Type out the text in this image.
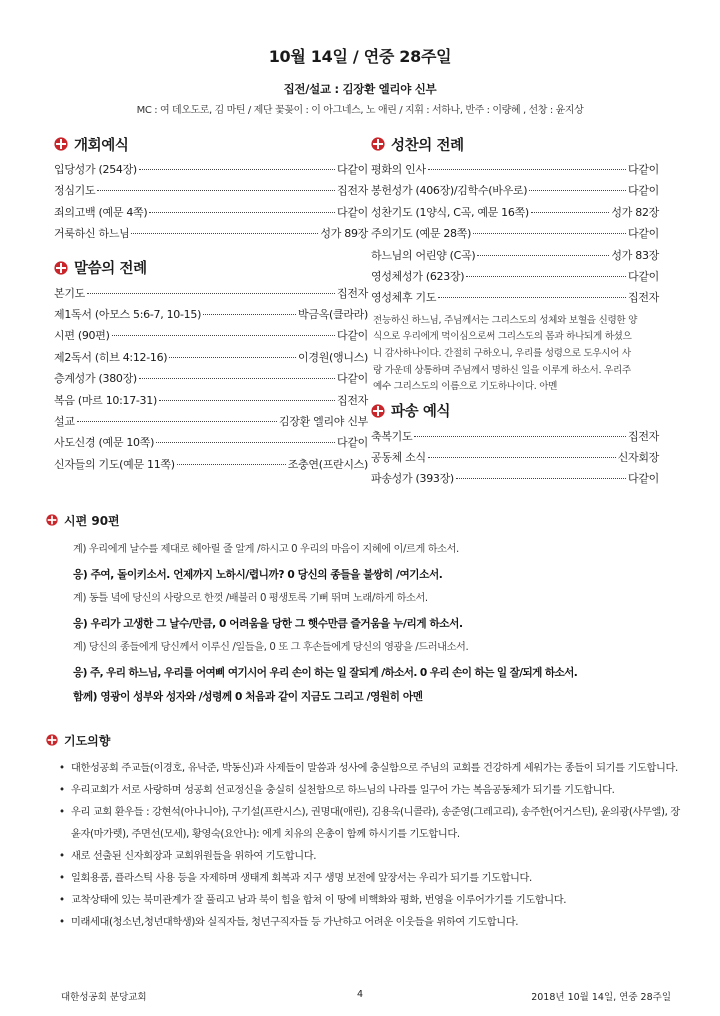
10월 14일 / 연중 28주일
집전/설교 : 김장환 엘리야 신부
MC : 여 데오도로, 김 마틴 / 제단 꽃꽂이 : 이 아그네스, 노 애린 / 지휘 : 서하나, 반주 : 이량혜 , 선창 : 윤지상
개회예식
입당성가 (254장)	다같이
정심기도	집전자
죄의고백 (예문 4쪽)	다같이
거룩하신 하느님	성가 89장
말씀의 전례
본기도	집전자
제1독서 (아모스 5:6-7, 10-15)	박금옥(클라라)
시편 (90편)	다같이
제2독서 (히브 4:12-16)	이경원(앵니스)
층계성가 (380장)	다같이
복음 (마르 10:17-31)	집전자
설교	김장환 엘리야 신부
사도신경 (예문 10쪽)	다같이
신자들의 기도(예문 11쪽)	조충연(프란시스)
성찬의 전례
평화의 인사	다같이
봉헌성가 (406장)/김학수(바우로)	다같이
성찬기도 (1양식, C곡, 예문 16쪽)	성가 82장
주의기도 (예문 28쪽)	다같이
하느님의 어린양 (C곡)	성가 83장
영성체성가 (623장)	다같이
영성체후 기도	집전자
전능하신 하느님, 주님께서는 그리스도의 성체와 보혈을 신령한 양
식으로 우리에게 먹이심으로써 그리스도의 몸과 하나되게 하셨으
니 감사하나이다. 간절히 구하오니, 우리를 성령으로 도우시어 사
랑 가운데 상통하며 주님께서 명하신 일을 이루게 하소서. 우리주
예수 그리스도의 이름으로 기도하나이다. 아멘
파송 예식
축복기도	집전자
공동체 소식	신자회장
파송성가 (393장)	다같이
시편 90편
계) 우리에게 날수를 제대로 헤아릴 줄 알게 /하시고 0 우리의 마음이 지혜에 이/르게 하소서.
응) 주여, 돌이키소서. 언제까지 노하시/렵니까? 0 당신의 종들을 불쌍히 /여기소서.
계) 동틀 녘에 당신의 사랑으로 한껏 /배불러 0 평생토록 기뻐 뛰며 노래/하게 하소서.
응) 우리가 고생한 그 날수/만큼, 0 어려움을 당한 그 햇수만큼 즐거움을 누/리게 하소서.
계) 당신의 종들에게 당신께서 이루신 /일들을, 0 또 그 후손들에게 당신의 영광을 /드러내소서.
응) 주, 우리 하느님, 우리를 어여삐 여기시어 우리 손이 하는 일 잘되게 /하소서. 0 우리 손이 하는 일 잘/되게 하소서.
함께) 영광이 성부와 성자와 /성령께 0 처음과 같이 지금도 그리고 /영원히 아멘
기도의향
• 대한성공회 주교들(이경호, 유낙준, 박동신)과 사제들이 말씀과 성사에 충실함으로 주님의 교회를 건강하게 세워가는 종들이 되기를 기도합니다.
• 우리교회가 서로 사랑하며 성공회 선교정신을 충실히 실천함으로 하느님의 나라를 일구어 가는 복음공동체가 되기를 기도합니다.
• 우리 교회 환우들 : 강현석(아나니아), 구기설(프란시스), 권명대(애린), 김용욱(니콜라), 송준영(그레고리), 송주한(어거스틴), 윤의광(사무엘), 장윤자(마가렛), 주면선(모세), 황영숙(요안나): 에게 치유의 은총이 함께 하시기를 기도합니다.
• 새로 선출된 신자회장과 교회위원들을 위하여 기도합니다.
• 일회용품, 플라스틱 사용 등을 자제하며 생태계 회복과 지구 생명 보전에 앞장서는 우리가 되기를 기도합니다.
• 교착상태에 있는 북미관계가 잘 풀리고 남과 북이 힘을 합쳐 이 땅에 비핵화와 평화, 번영을 이루어가기를 기도합니다.
• 미래세대(청소년,청년대학생)와 실직자들, 청년구직자들 등 가난하고 어려운 이웃들을 위하여 기도합니다.
대한성공회 분당교회	4	2018년 10월 14일, 연중 28주일
